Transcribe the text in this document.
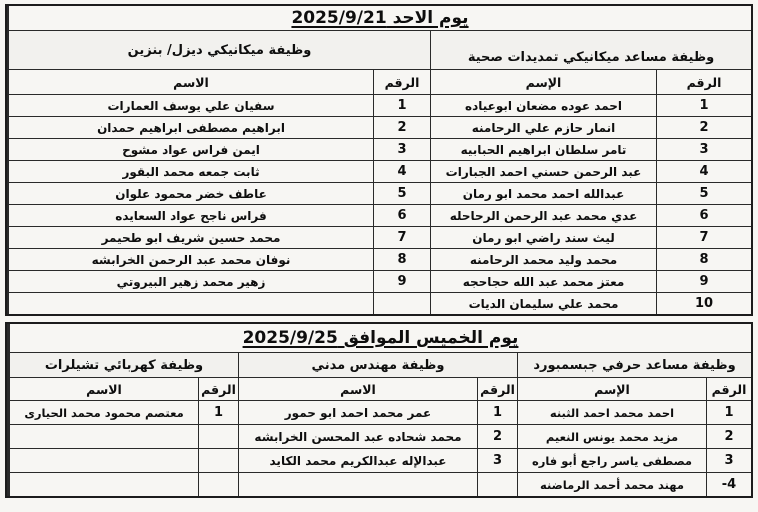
يوم الاحد 2025/9/21
وظيفة مساعد ميكانيكي تمديدات صحية
وظيفة ميكانيكي ديزل/ بنزين
الرقم
الإسم
الرقم
الاسم
1
احمد عوده مضعان ابوعياده
1
سفيان علي يوسف العمارات
2
انمار حازم علي الرحامنه
2
ابراهيم مصطفى ابراهيم حمدان
3
تامر سلطان ابراهيم الحبابيه
3
ايمن فراس عواد مشوح
4
عبد الرحمن حسني احمد الجبارات
4
ثابت جمعه محمد البقور
5
عبدالله احمد محمد ابو رمان
5
عاطف خضر محمود علوان
6
عدي محمد عبد الرحمن الرحاحله
6
فراس ناجح عواد السعايده
7
ليث سند راضي ابو رمان
7
محمد حسين شريف ابو طحيمر
8
محمد وليد محمد الرحامنه
8
نوفان محمد عبد الرحمن الخرابشه
9
معتز محمد عبد الله حجاحجه
9
زهير محمد زهير البيروتي
10
محمد علي سليمان الديات
يوم الخميس الموافق 2025/9/25
وظيفة مساعد حرفي جبسمبورد
وظيفة مهندس مدني
وظيفة كهربائي تشيلرات
الرقم
الإسم
الرقم
الاسم
الرقم
الاسم
1
احمد محمد احمد الثبنه
1
عمر محمد احمد ابو حمور
1
معتصم محمود محمد الحيارى
2
مزيد محمد يونس النعيم
2
محمد شحاده عبد المحسن الخرابشه
3
مصطفى ياسر راجع أبو فاره
3
عبدالإله عبدالكريم محمد الكايد
-4
مهند محمد أحمد الرماضنه
